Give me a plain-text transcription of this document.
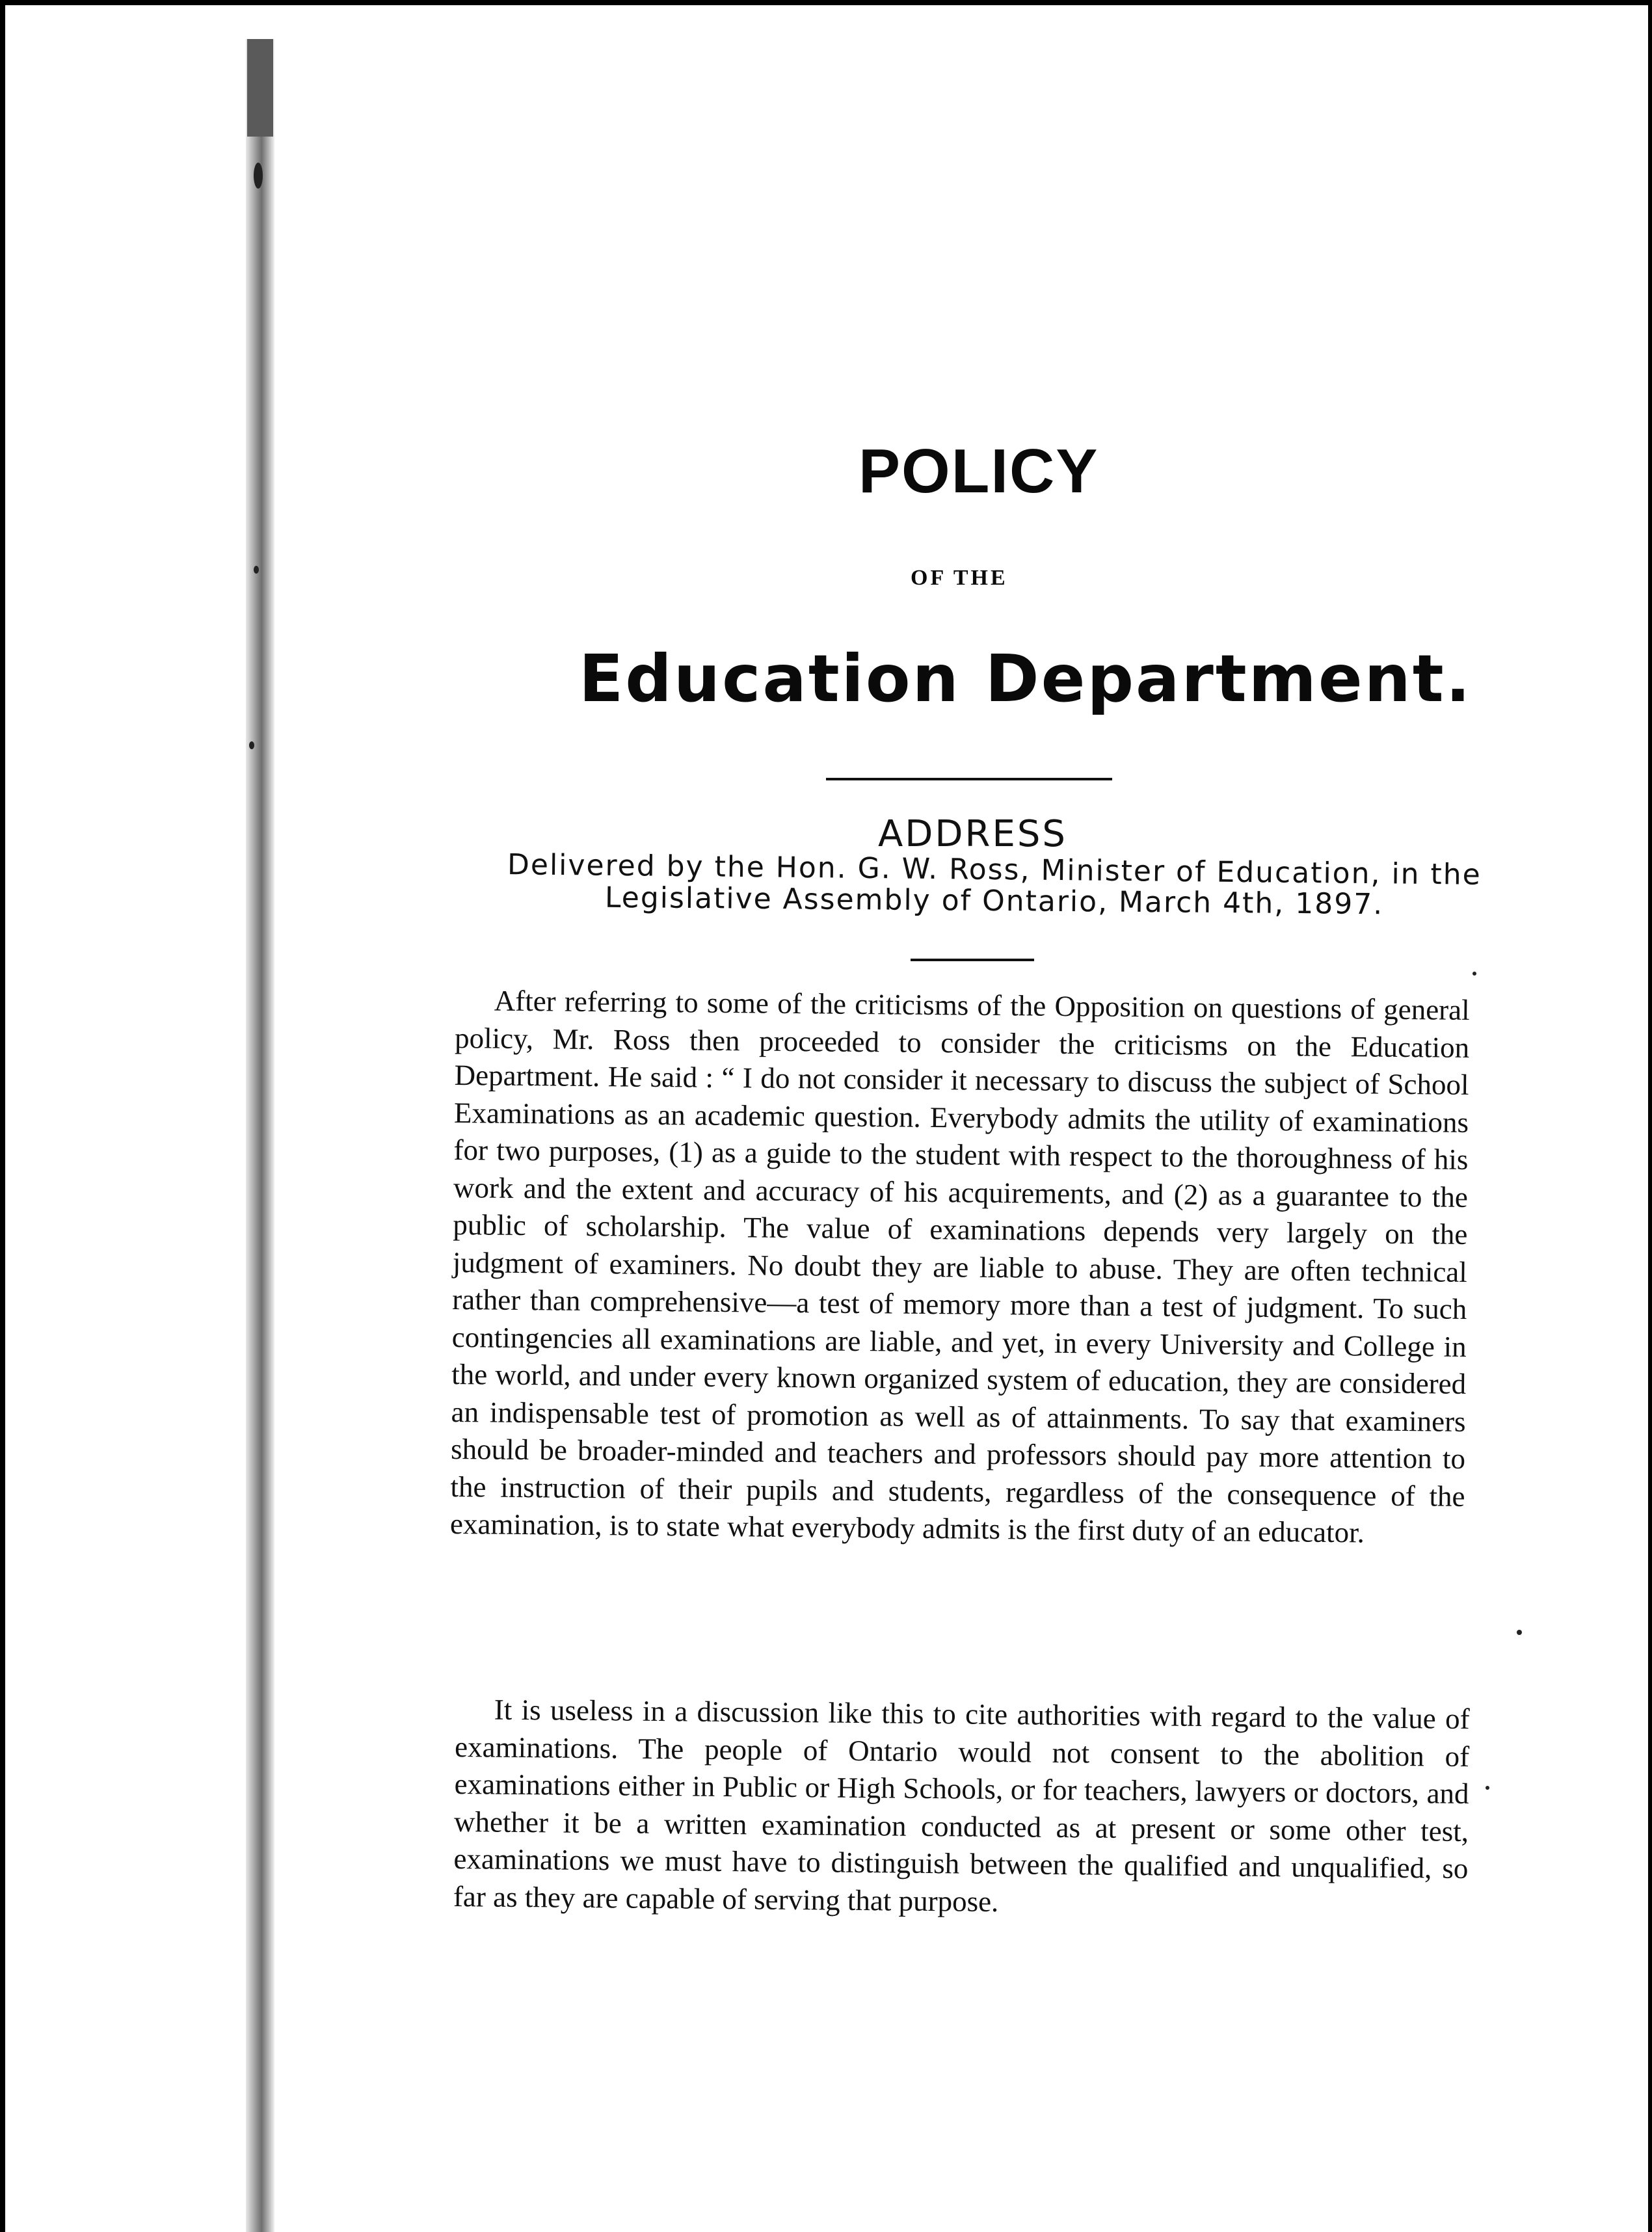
POLICY
OF THE
Education Department.
ADDRESS
Delivered by the Hon. G. W. Ross, Minister of Education, in the
Legislative Assembly of Ontario, March 4th, 1897.
After referring to some of the criticisms of the Opposition on questions of general policy, Mr. Ross then proceeded to consider the criticisms on the Education Department. He said : “ I do not consider it necessary to discuss the subject of School Examinations as an academic question. Everybody admits the utility of examinations for two purposes, (1) as a guide to the student with respect to the thoroughness of his work and the extent and accuracy of his acquirements, and (2) as a guarantee to the public of scholarship. The value of examinations depends very largely on the judgment of examiners. No doubt they are liable to abuse. They are often technical rather than comprehensive—a test of memory more than a test of judgment. To such contingencies all examinations are liable, and yet, in every University and College in the world, and under every known organized system of education, they are considered an indispensable test of promotion as well as of attainments. To say that examiners should be broader-minded and teachers and professors should pay more attention to the instruction of their pupils and students, regardless of the consequence of the examination, is to state what everybody admits is the first duty of an educator.
It is useless in a discussion like this to cite authorities with regard to the value of examinations. The people of Ontario would not consent to the abolition of examinations either in Public or High Schools, or for teachers, lawyers or doctors, and whether it be a written examination conducted as at present or some other test, examinations we must have to distinguish between the qualified and unqualified, so far as they are capable of serving that purpose.
